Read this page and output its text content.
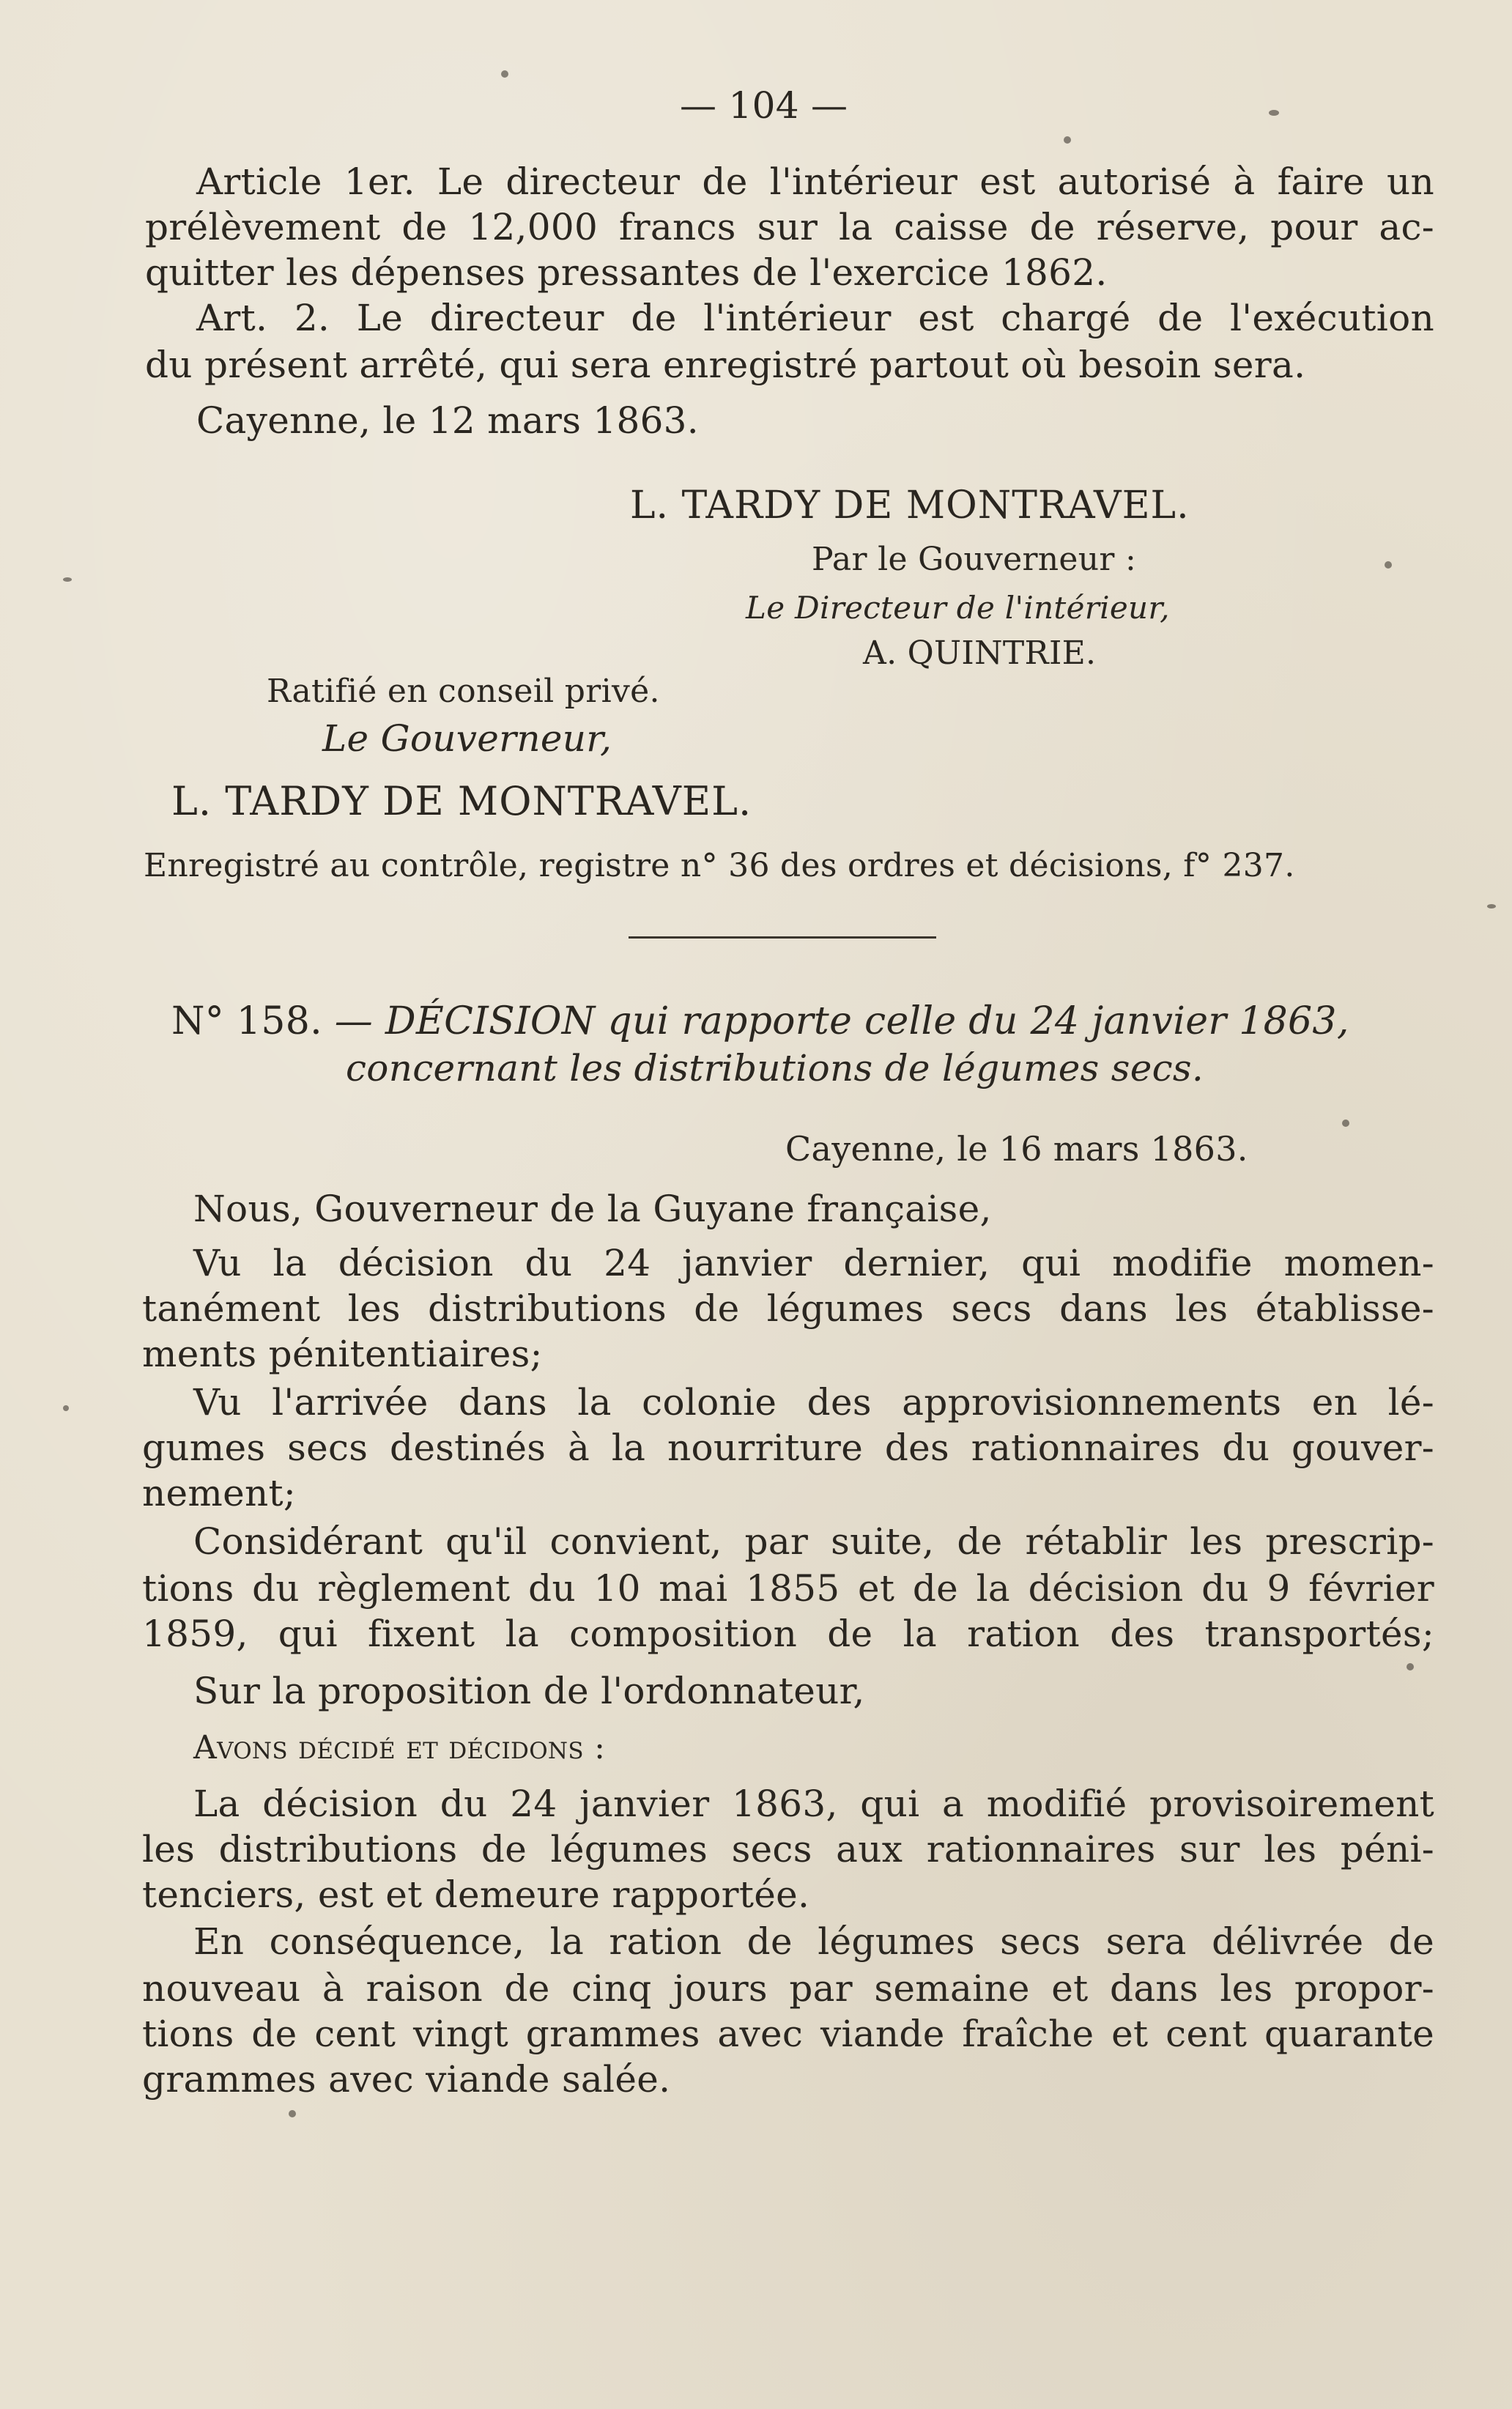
— 104 —
Article 1er. Le directeur de l'intérieur est autorisé à faire un
prélèvement de 12,000 francs sur la caisse de réserve, pour ac-
quitter les dépenses pressantes de l'exercice 1862.
Art. 2. Le directeur de l'intérieur est chargé de l'exécution
du présent arrêté, qui sera enregistré partout où besoin sera.
Cayenne, le 12 mars 1863.
L. TARDY DE MONTRAVEL.
Par le Gouverneur :
Le Directeur de l'intérieur,
A. QUINTRIE.
Ratifié en conseil privé.
Le Gouverneur,
L. TARDY DE MONTRAVEL.
Enregistré au contrôle, registre n° 36 des ordres et décisions, f° 237.
N° 158. — DÉCISION qui rapporte celle du 24 janvier 1863,
concernant les distributions de légumes secs.
Cayenne, le 16 mars 1863.
Nous, Gouverneur de la Guyane française,
Vu la décision du 24 janvier dernier, qui modifie momen-
tanément les distributions de légumes secs dans les établisse-
ments pénitentiaires;
Vu l'arrivée dans la colonie des approvisionnements en lé-
gumes secs destinés à la nourriture des rationnaires du gouver-
nement;
Considérant qu'il convient, par suite, de rétablir les prescrip-
tions du règlement du 10 mai 1855 et de la décision du 9 février
1859, qui fixent la composition de la ration des transportés;
Sur la proposition de l'ordonnateur,
Avons décidé et décidons :
La décision du 24 janvier 1863, qui a modifié provisoirement
les distributions de légumes secs aux rationnaires sur les péni-
tenciers, est et demeure rapportée.
En conséquence, la ration de légumes secs sera délivrée de
nouveau à raison de cinq jours par semaine et dans les propor-
tions de cent vingt grammes avec viande fraîche et cent quarante
grammes avec viande salée.
